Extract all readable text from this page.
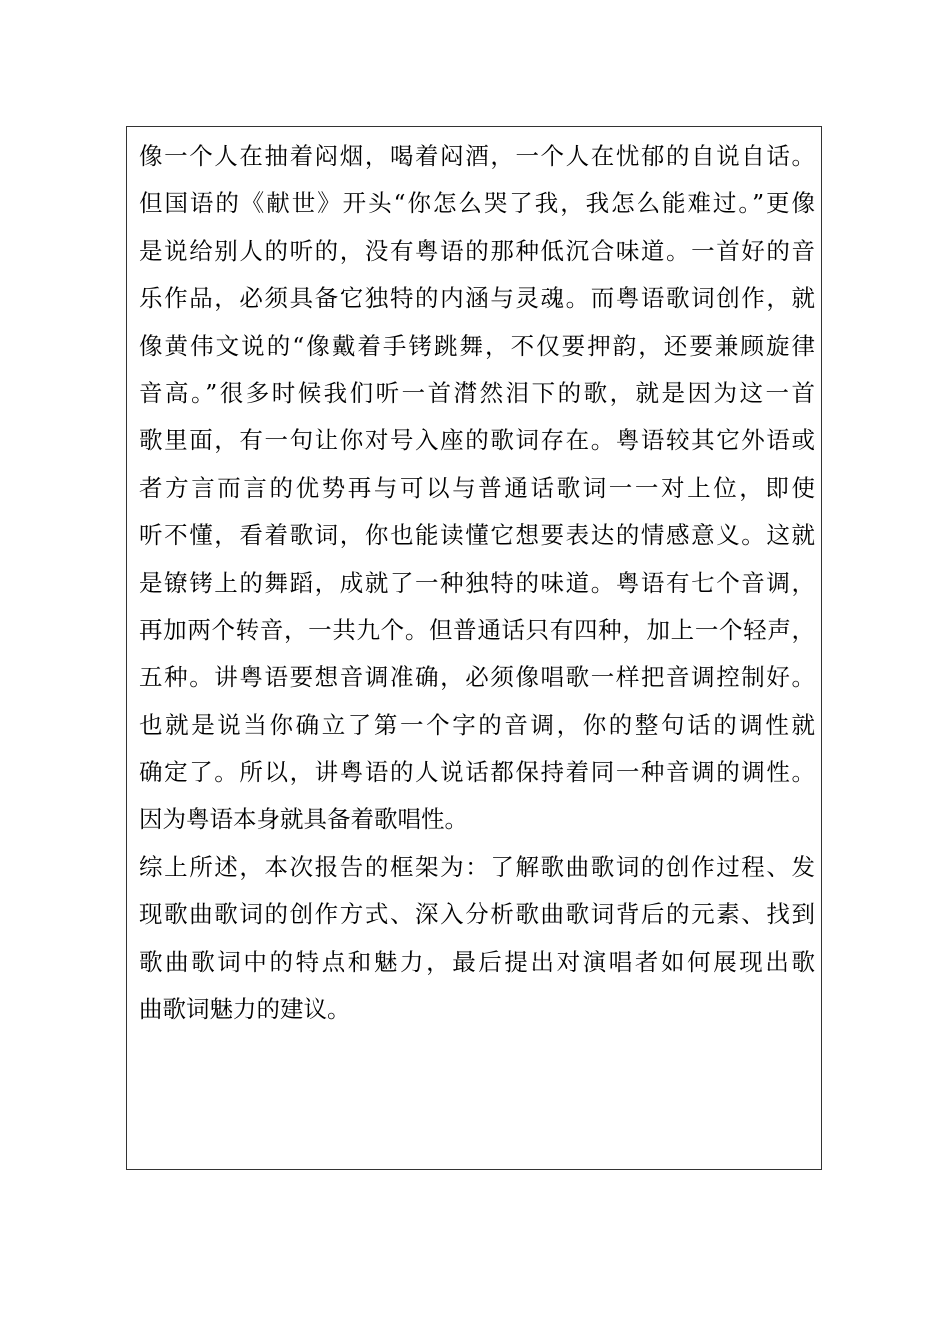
像一个人在抽着闷烟，喝着闷酒，一个人在忧郁的自说自话。
但国语的《献世》开头“你怎么哭了我，我怎么能难过。”更像
是说给别人的听的，没有粤语的那种低沉合味道。一首好的音
乐作品，必须具备它独特的内涵与灵魂。而粤语歌词创作，就
像黄伟文说的“像戴着手铐跳舞，不仅要押韵，还要兼顾旋律
音高。”很多时候我们听一首潸然泪下的歌，就是因为这一首
歌里面，有一句让你对号入座的歌词存在。粤语较其它外语或
者方言而言的优势再与可以与普通话歌词一一对上位，即使
听不懂，看着歌词，你也能读懂它想要表达的情感意义。这就
是镣铐上的舞蹈，成就了一种独特的味道。粤语有七个音调，
再加两个转音，一共九个。但普通话只有四种，加上一个轻声，
五种。讲粤语要想音调准确，必须像唱歌一样把音调控制好。
也就是说当你确立了第一个字的音调，你的整句话的调性就
确定了。所以，讲粤语的人说话都保持着同一种音调的调性。
因为粤语本身就具备着歌唱性。
综上所述，本次报告的框架为：了解歌曲歌词的创作过程、发
现歌曲歌词的创作方式、深入分析歌曲歌词背后的元素、找到
歌曲歌词中的特点和魅力，最后提出对演唱者如何展现出歌
曲歌词魅力的建议。
